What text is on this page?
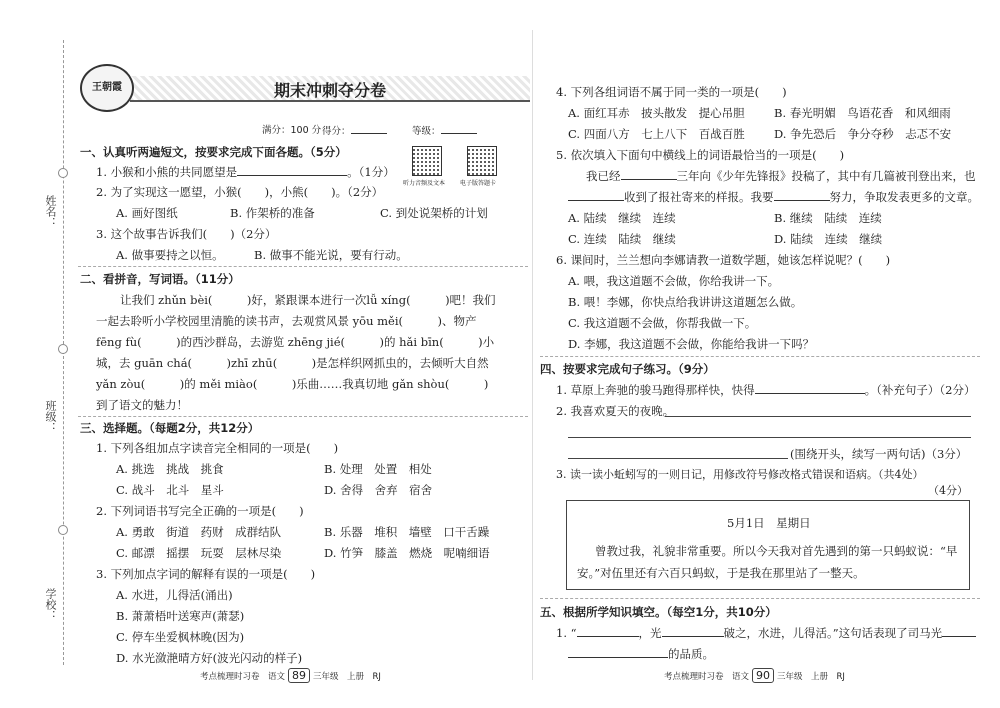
姓名：
班级：
学校：
期末冲刺夺分卷
王朝霞
满分：100 分 得分：	等级：
听力音频及文本 电子版答题卡
一、认真听两遍短文，按要求完成下面各题。（5分）
1. 小猴和小熊的共同愿望是	。（1分）
2. 为了实现这一愿望，小猴(　　)，小熊(　　)。（2分）
A. 画好图纸	B. 作架桥的准备	C. 到处说架桥的计划
3. 这个故事告诉我们(　　)（2分）
A. 做事要持之以恒。	B. 做事不能光说，要有行动。
二、看拼音，写词语。（11分）
让我们 zhǔn bèi(　　　)好，紧跟课本进行一次lǚ xíng(　　　)吧！我们
一起去聆听小学校园里清脆的读书声，去观赏风景 yōu měi(　　　)、物产
fēng fù(　　　)的西沙群岛，去游览 zhēng jié(　　　)的 hǎi bīn(　　　)小
城，去 guān chá(　　　)zhī zhū(　　　)是怎样织网抓虫的，去倾听大自然
yǎn zòu(　　　)的 měi miào(　　　)乐曲……我真切地 gǎn shòu(　　　)
到了语文的魅力！
三、选择题。（每题2分，共12分）
1. 下列各组加点字读音完全相同的一项是(　　)
A. 挑选　挑战　挑食	B. 处理　处置　相处
C. 战斗　北斗　星斗	D. 舍得　舍弃　宿舍
2. 下列词语书写完全正确的一项是(　　)
A. 勇敢　街道　药财　成群结队	B. 乐器　堆积　墙壁　口干舌躁
C. 邮漂　摇摆　玩耍　层林尽染	D. 竹笋　膝盖　燃烧　呢喃细语
3. 下列加点字词的解释有误的一项是(　　)
A. 水进，儿得活(涌出)
B. 萧萧梧叶送寒声(萧瑟)
C. 停车坐爱枫林晚(因为)
D. 水光潋滟晴方好(波光闪动的样子)
考点梳理时习卷　语文 89 三年级　上册　RJ
4. 下列各组词语不属于同一类的一项是(　　)
A. 面红耳赤　披头散发　提心吊胆	B. 春光明媚　鸟语花香　和风细雨
C. 四面八方　七上八下　百战百胜	D. 争先恐后　争分夺秒　忐忑不安
5. 依次填入下面句中横线上的词语最恰当的一项是(　　)
我已经	三年向《少年先锋报》投稿了，其中有几篇被刊登出来，也
收到了报社寄来的样报。我要	努力，争取发表更多的文章。
A. 陆续　继续　连续	B. 继续　陆续　连续
C. 连续　陆续　继续	D. 陆续　连续　继续
6. 课间时，兰兰想向李娜请教一道数学题，她该怎样说呢？(　　)
A. 喂，我这道题不会做，你给我讲一下。
B. 喂！李娜，你快点给我讲讲这道题怎么做。
C. 我这道题不会做，你帮我做一下。
D. 李娜，我这道题不会做，你能给我讲一下吗？
四、按要求完成句子练习。（9分）
1. 草原上奔驰的骏马跑得那样快，快得	。（补充句子）（2分）
2. 我喜欢夏天的夜晚。
(围绕开头，续写一两句话)（3分）
3. 读一读小蚯蚓写的一则日记，用修改符号修改格式错误和语病。（共4处）
（4分）
5月1日　星期日
曾教过我，礼貌非常重要。所以今天我对首先遇到的第一只蚂蚁说：“早
安。”对伍里还有六百只蚂蚁，于是我在那里站了一整天。
五、根据所学知识填空。（每空1分，共10分）
1. “	，光	破之，水进，儿得活。”这句话表现了司马光
的品质。
考点梳理时习卷　语文 90 三年级　上册　RJ
